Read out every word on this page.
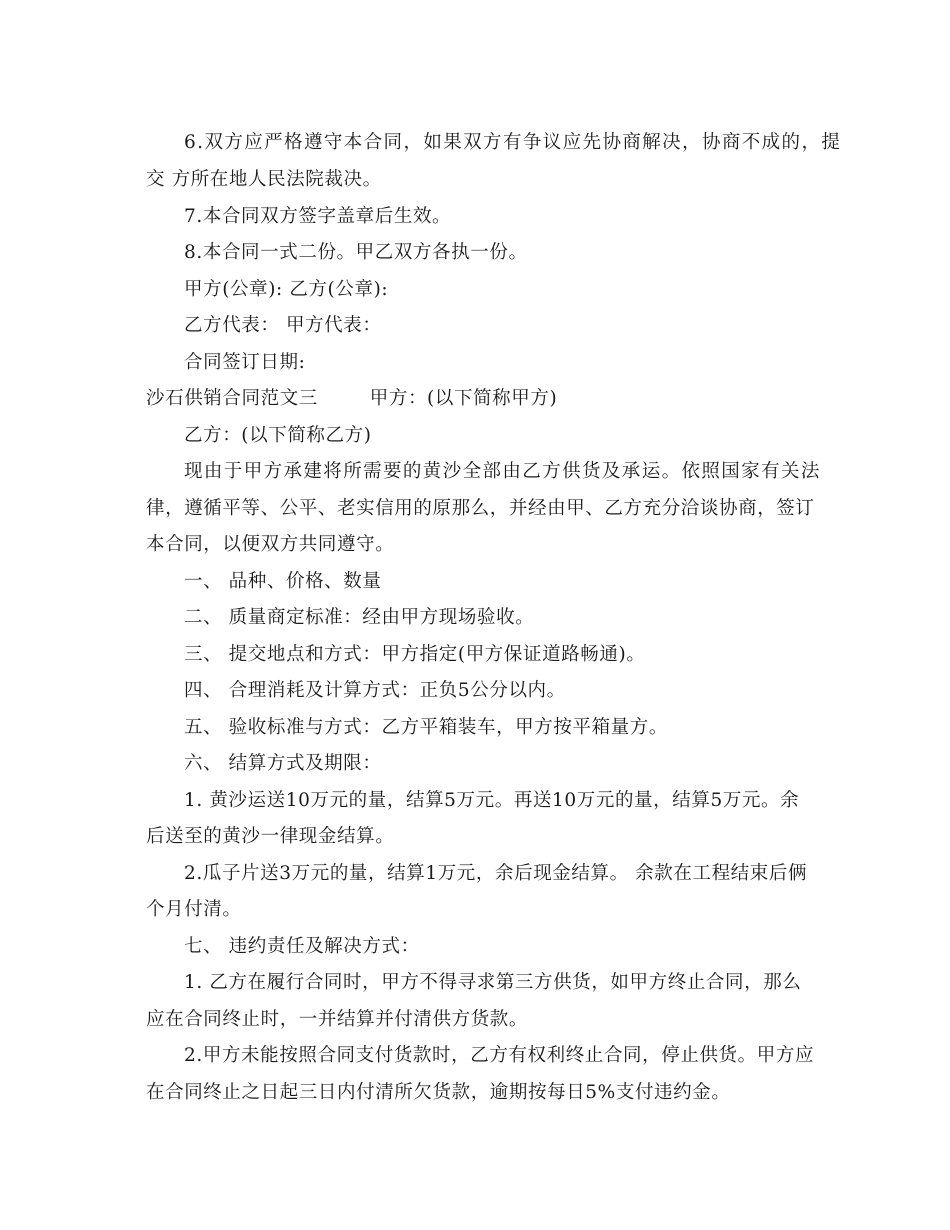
6.双方应严格遵守本合同，如果双方有争议应先协商解决，协商不成的，提
交 方所在地人民法院裁决。
7.本合同双方签字盖章后生效。
8.本合同一式二份。甲乙双方各执一份。
甲方(公章): 乙方(公章):
乙方代表： 甲方代表：
合同签订日期:
沙石供销合同范文三        甲方：(以下简称甲方)
乙方：(以下简称乙方)
现由于甲方承建将所需要的黄沙全部由乙方供货及承运。依照国家有关法
律，遵循平等、公平、老实信用的原那么，并经由甲、乙方充分洽谈协商，签订
本合同，以便双方共同遵守。
一、 品种、价格、数量
二、 质量商定标准：经由甲方现场验收。
三、 提交地点和方式：甲方指定(甲方保证道路畅通)。
四、 合理消耗及计算方式：正负5公分以内。
五、 验收标准与方式：乙方平箱装车，甲方按平箱量方。
六、 结算方式及期限：
1. 黄沙运送10万元的量，结算5万元。再送10万元的量，结算5万元。余
后送至的黄沙一律现金结算。
2.瓜子片送3万元的量，结算1万元，余后现金结算。 余款在工程结束后俩
个月付清。
七、 违约责任及解决方式：
1. 乙方在履行合同时，甲方不得寻求第三方供货，如甲方终止合同，那么
应在合同终止时，一并结算并付清供方货款。
2.甲方未能按照合同支付货款时，乙方有权利终止合同，停止供货。甲方应
在合同终止之日起三日内付清所欠货款，逾期按每日5%支付违约金。
